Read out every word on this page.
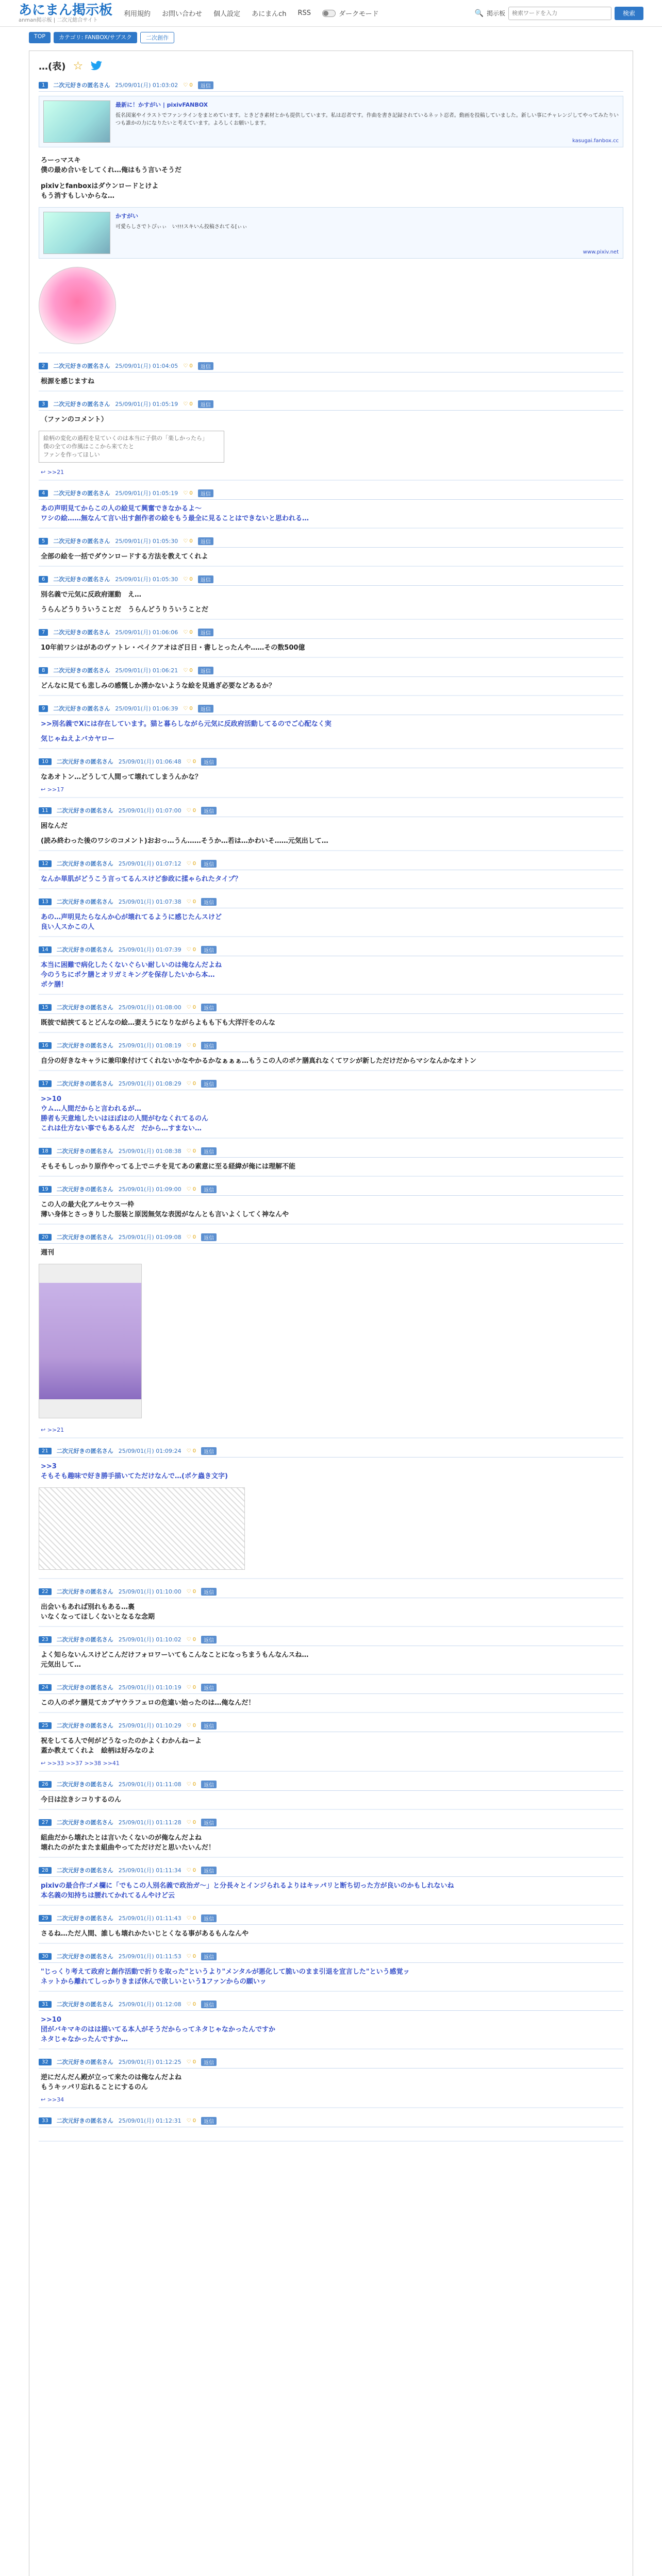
あにまん掲示板
anman掲示板 | 二次元総合サイト
利用規約 お問い合わせ 個人設定 あにまんch RSS	ダークモード	🔍 掲示板
検索ワードを入力	検索
TOP	カテゴリ: FANBOX/サブスク	二次創作
…(表) ☆
1	二次元好きの匿名さん 25/09/01(月) 01:03:02 ♡ 0	返信
最新に！かすがい | pixivFANBOX
仮名図案やイラストでファンラインをまとめています。ときどき素材とかも提供しています。私は忍者です。作曲を書き記録されているネット忍者。動画を投稿していました。新しい事にチャレンジしてやってみたりいつも誰かの力になりたいと考えています。よろしくお願いします。
kasugai.fanbox.cc
ろーっマスキ
僕の最め合いをしてくれ…俺はもう言いそうだ
pixivとfanboxはダウンロードとけよ
もう消すもしいからな…
かすがい
可愛らしさでトぴぃぃ　い!!!スキいん投稿されてる[ぃぃ
www.pixiv.net
2	二次元好きの匿名さん 25/09/01(月) 01:04:05 ♡ 0	返信
根源を感じますね
3	二次元好きの匿名さん 25/09/01(月) 01:05:19 ♡ 0	返信
（ファンのコメント）
絵柄の変化の過程を見ていくのは本当に子供の「楽しかったら」
僕の全ての作風はここから来てたと
ファンを作ってほしい
↩ >>21
4	二次元好きの匿名さん 25/09/01(月) 01:05:19 ♡ 0	返信
あの声明見てからこの人の絵見て興奮できなかるよ～
ワシの絵……無なんて言い出す創作者の絵をもう最全に見ることはできないと思われる…
5	二次元好きの匿名さん 25/09/01(月) 01:05:30 ♡ 0	返信
全部の絵を一括でダウンロードする方法を教えてくれよ
6	二次元好きの匿名さん 25/09/01(月) 01:05:30 ♡ 0	返信
別名義で元気に反政府運動　え…
うらんどうりういうことだ　うらんどうりういうことだ
7	二次元好きの匿名さん 25/09/01(月) 01:06:06 ♡ 0	返信
10年前ワシはがあのヴァトレ・ベイクアオはざ日日・書しとったんや……その数500億
8	二次元好きの匿名さん 25/09/01(月) 01:06:21 ♡ 0	返信
どんなに見ても悲しみの感慨しか湧かないような絵を見過ぎ必要などあるか？
9	二次元好きの匿名さん 25/09/01(月) 01:06:39 ♡ 0	返信
>>別名義でXには存在しています。猫と暮らしながら元気に反政府活動してるのでご心配なく実
気じゃねえよバカヤロー
10	二次元好きの匿名さん 25/09/01(月) 01:06:48 ♡ 0	返信
なあオトン…どうして人間って壊れてしまうんかな？
↩ >>17
11	二次元好きの匿名さん 25/09/01(月) 01:07:00 ♡ 0	返信
困なんだ
(読み終わった後のワシのコメント)おおっ…うん……そうか…若は…かわいそ……元気出して…
12	二次元好きの匿名さん 25/09/01(月) 01:07:12 ♡ 0	返信
なんか単肌がどうこう言ってるんスけど参政に揉ゃられたタイプ？
13	二次元好きの匿名さん 25/09/01(月) 01:07:38 ♡ 0	返信
あの…声明見たらなんか心が壊れてるように感じたんスけど
良い人スかこの人
14	二次元好きの匿名さん 25/09/01(月) 01:07:39 ♡ 0	返信
本当に困難で病化したくないぐらい耐しいのは俺なんだよね
今のうちにポケ膳とオリガミキングを保存したいから本…
ポケ膳！
15	二次元好きの匿名さん 25/09/01(月) 01:08:00 ♡ 0	返信
既彼で結挟てるとどんなの絵…妻えうになりながらよもも下も大洋汗をのんな
16	二次元好きの匿名さん 25/09/01(月) 01:08:19 ♡ 0	返信
自分の好きなキャラに兼印象付けてくれないかなやかるかなぁぁぁ…もうこの人のポケ膳真れなくてワシが新しただけだからマシなんかなオトン
17	二次元好きの匿名さん 25/09/01(月) 01:08:29 ♡ 0	返信
>>10
ウム…人間だからと言われるが…
勝者も天意地したいはほぼはの人間がむなくれてるのん
これは仕方ない事でもあるんだ　だから…すまない…
18	二次元好きの匿名さん 25/09/01(月) 01:08:38 ♡ 0	返信
そもそもしっかり原作やってる上でニチを見てあの素意に至る経緯が俺には理解不能
19	二次元好きの匿名さん 25/09/01(月) 01:09:00 ♡ 0	返信
この人の最大化アルセウス一枠
薄い身体とさっきりした服装と原図無気な表図がなんとも言いよくしてく神なんや
20	二次元好きの匿名さん 25/09/01(月) 01:09:08 ♡ 0	返信
週刊
↩ >>21
21	二次元好きの匿名さん 25/09/01(月) 01:09:24 ♡ 0	返信
>>3
そもそも趣味で好き勝手描いてただけなんで…(ポケ蟲き文字)
22	二次元好きの匿名さん 25/09/01(月) 01:10:00 ♡ 0	返信
出会いもあれば別れもある…裏
いなくなってほしくないとなるな念期
23	二次元好きの匿名さん 25/09/01(月) 01:10:02 ♡ 0	返信
よく知らないんスけどこんだけフォロワーいてもこんなことになっちまうもんなんスね…
元気出して…
24	二次元好きの匿名さん 25/09/01(月) 01:10:19 ♡ 0	返信
この人のポケ膳見てカブヤウラフェロの危違い始ったのは…俺なんだ！
25	二次元好きの匿名さん 25/09/01(月) 01:10:29 ♡ 0	返信
祝をしてる人で何がどうなったのかよくわかんねーよ
蓋か教えてくれよ　絵柄は好みなのよ
↩ >>33 >>37 >>38 >>41
26	二次元好きの匿名さん 25/09/01(月) 01:11:08 ♡ 0	返信
今日は泣きシコりするのん
27	二次元好きの匿名さん 25/09/01(月) 01:11:28 ♡ 0	返信
組曲だから壊れたとは言いたくないのが俺なんだよね
壊れたのがたまたま組曲やってただけだと思いたいんだ！
28	二次元好きの匿名さん 25/09/01(月) 01:11:34 ♡ 0	返信
pixivの最合作ゴメ欄に「でもこの人別名義で政治ガ～」と分長々とインジられるよりはキッパリと断ち切った方が良いのかもしれないね
本名義の知持ちは腰れてかれてるんやけど云
29	二次元好きの匿名さん 25/09/01(月) 01:11:43 ♡ 0	返信
さるね…ただ人間、誰しも壊れかたいじとくなる事があるもんなんや
30	二次元好きの匿名さん 25/09/01(月) 01:11:53 ♡ 0	返信
"じっくり考えて政府と創作活動で折りを取った"というより"メンタルが悪化して脆いのまま引退を宣言した"という感覚ッ
ネットから離れてしっかりきまぽ休んで欲しいという1ファンからの願いッ
31	二次元好きの匿名さん 25/09/01(月) 01:12:08 ♡ 0	返信
>>10
団がバキマキのはは描いてる本人がそうだからってネタじゃなかったんですか
ネタじゃなかったんですか…
32	二次元好きの匿名さん 25/09/01(月) 01:12:25 ♡ 0	返信
逆にだんだん殿が立って来たのは俺なんだよね
もうキッパリ忘れることにするのん
↩ >>34
33	二次元好きの匿名さん 25/09/01(月) 01:12:31 ♡ 0	返信
